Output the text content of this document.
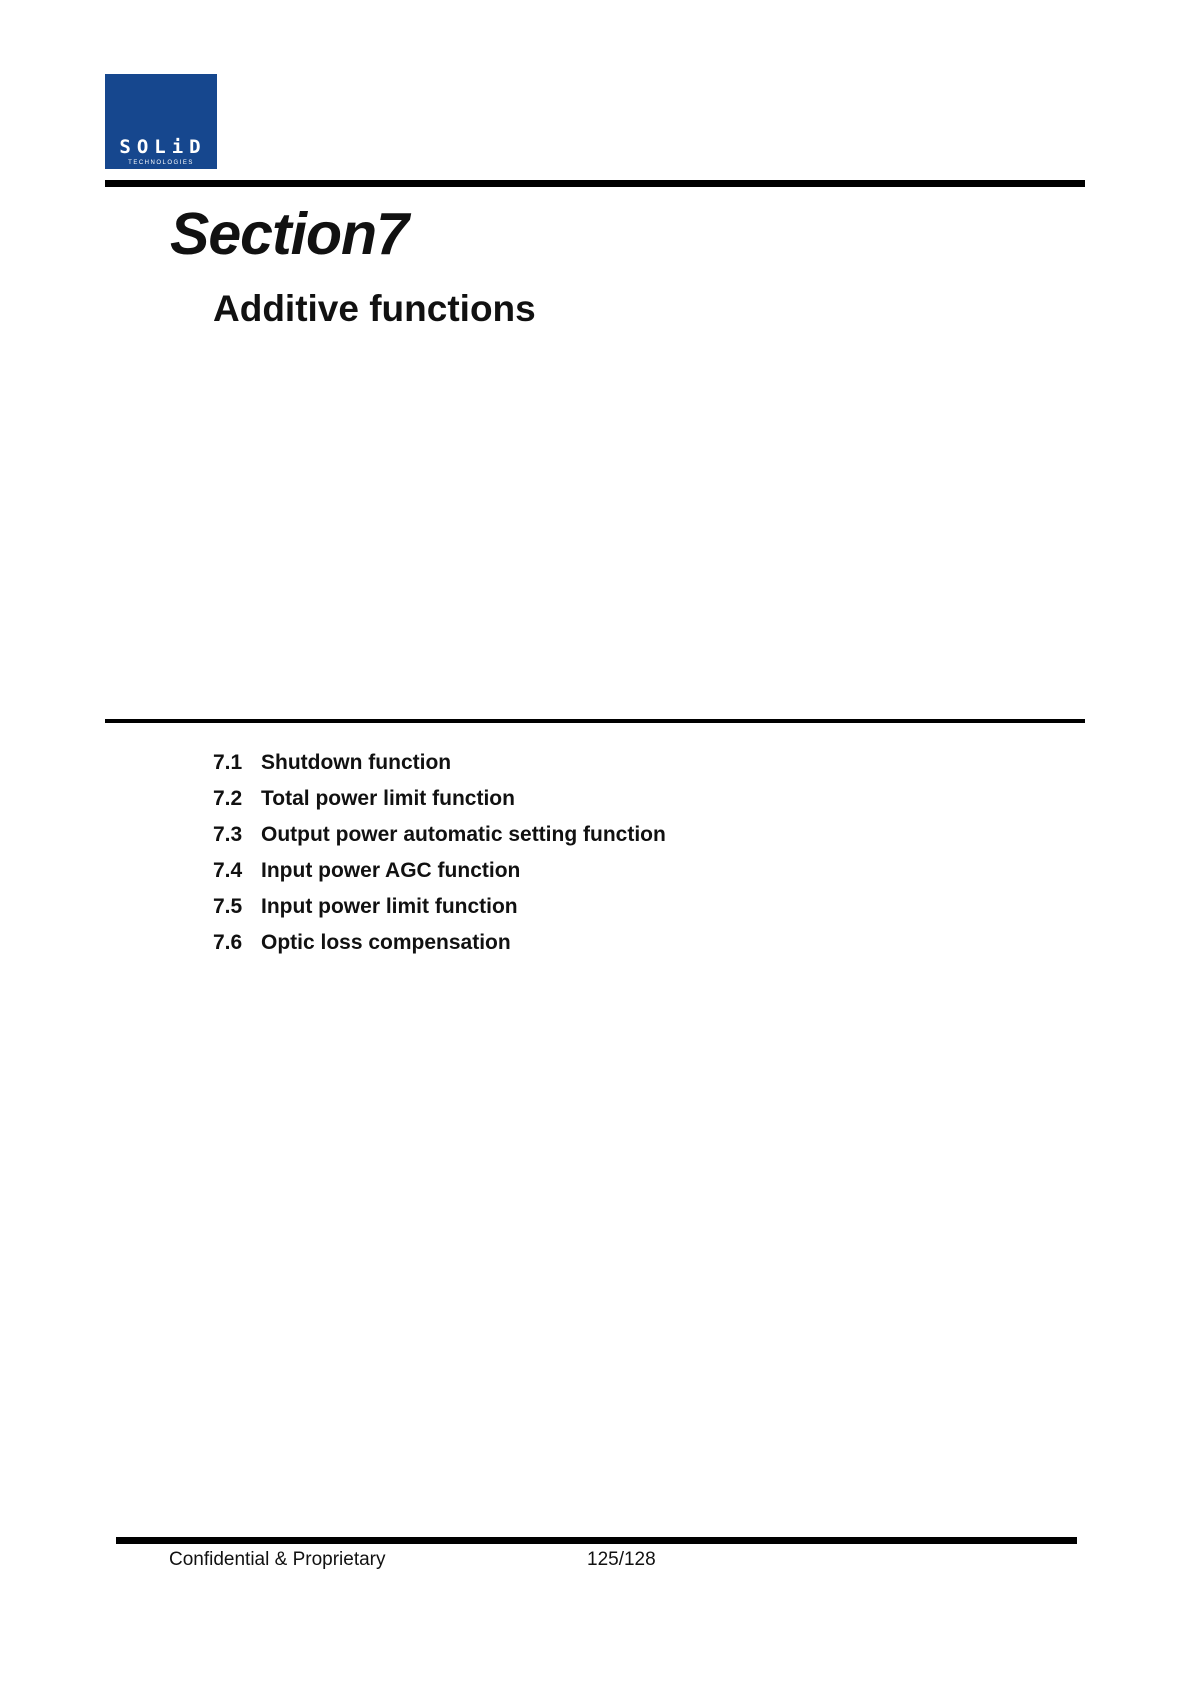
SOLiD
TECHNOLOGIES
Section7
Additive functions
7.1 Shutdown function
7.2 Total power limit function
7.3 Output power automatic setting function
7.4 Input power AGC function
7.5 Input power limit function
7.6 Optic loss compensation
Confidential & Proprietary	125/128
